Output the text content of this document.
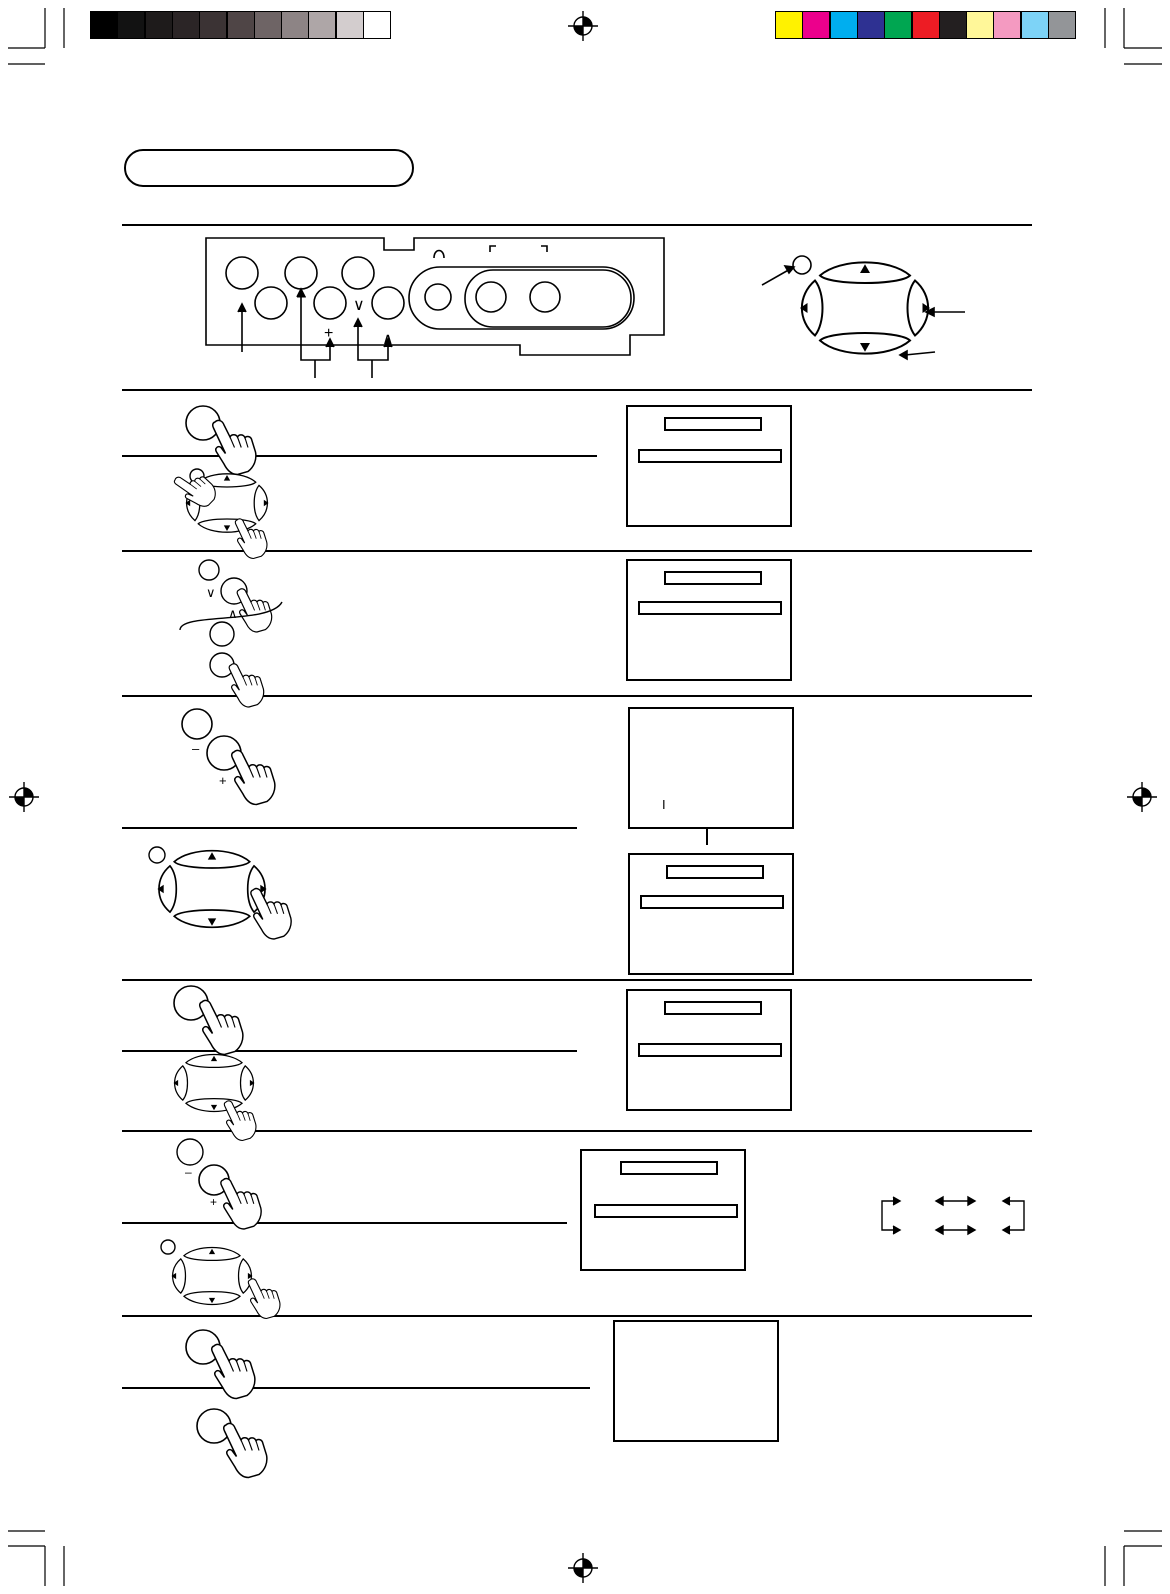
I
–
+
∨
∧
∨
∧
–
+
–
+
